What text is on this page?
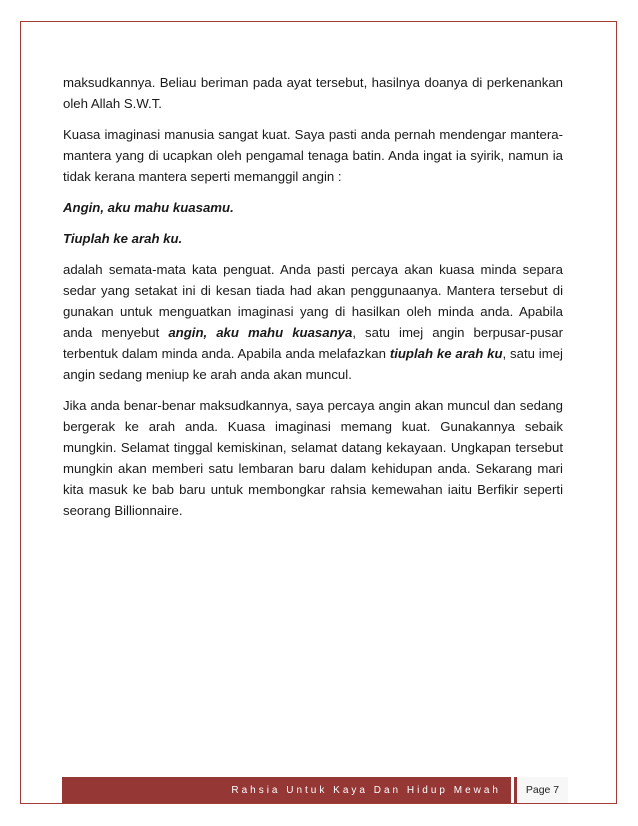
maksudkannya. Beliau beriman pada ayat tersebut, hasilnya doanya di perkenankan oleh Allah S.W.T.

Kuasa imaginasi manusia sangat kuat. Saya pasti anda pernah mendengar mantera-mantera yang di ucapkan oleh pengamal tenaga batin. Anda ingat ia syirik, namun ia tidak kerana mantera seperti memanggil angin :

Angin, aku mahu kuasamu.

Tiuplah ke arah ku.

adalah semata-mata kata penguat. Anda pasti percaya akan kuasa minda separa sedar yang setakat ini di kesan tiada had akan penggunaanya. Mantera tersebut di gunakan untuk menguatkan imaginasi yang di hasilkan oleh minda anda. Apabila anda menyebut angin, aku mahu kuasanya, satu imej angin berpusar-pusar terbentuk dalam minda anda. Apabila anda melafazkan tiuplah ke arah ku, satu imej angin sedang meniup ke arah anda akan muncul.

Jika anda benar-benar maksudkannya, saya percaya angin akan muncul dan sedang bergerak ke arah anda. Kuasa imaginasi memang kuat. Gunakannya sebaik mungkin. Selamat tinggal kemiskinan, selamat datang kekayaan. Ungkapan tersebut mungkin akan memberi satu lembaran baru dalam kehidupan anda. Sekarang mari kita masuk ke bab baru untuk membongkar rahsia kemewahan iaitu Berfikir seperti seorang Billionnaire.

Rahsia Untuk Kaya Dan Hidup Mewah	Page 7
